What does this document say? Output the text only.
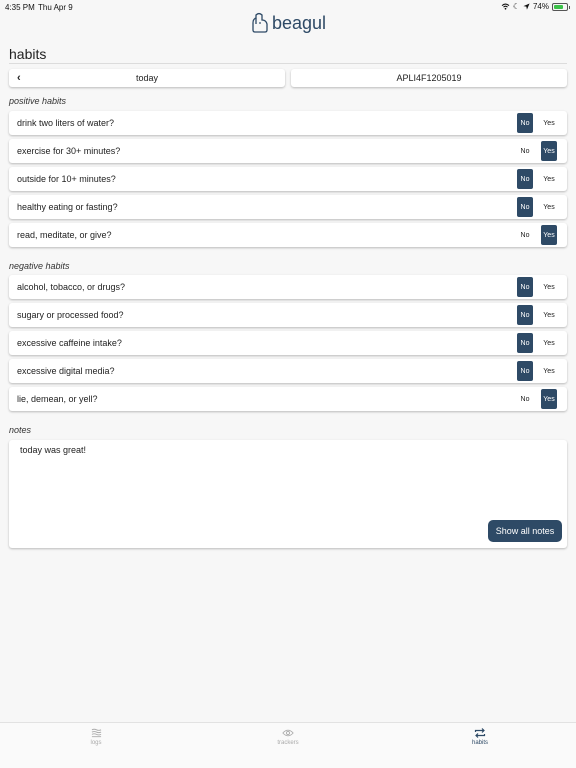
4:35 PM Thu Apr 9	☾ 74%
beagul
habits
‹	today	APLI4F1205019
positive habits
drink two liters of water?	No	Yes
exercise for 30+ minutes?	No	Yes
outside for 10+ minutes?	No	Yes
healthy eating or fasting?	No	Yes
read, meditate, or give?	No	Yes
negative habits
alcohol, tobacco, or drugs?	No	Yes
sugary or processed food?	No	Yes
excessive caffeine intake?	No	Yes
excessive digital media?	No	Yes
lie, demean, or yell?	No	Yes
notes
today was great!
Show all notes
logs	trackers	habits
